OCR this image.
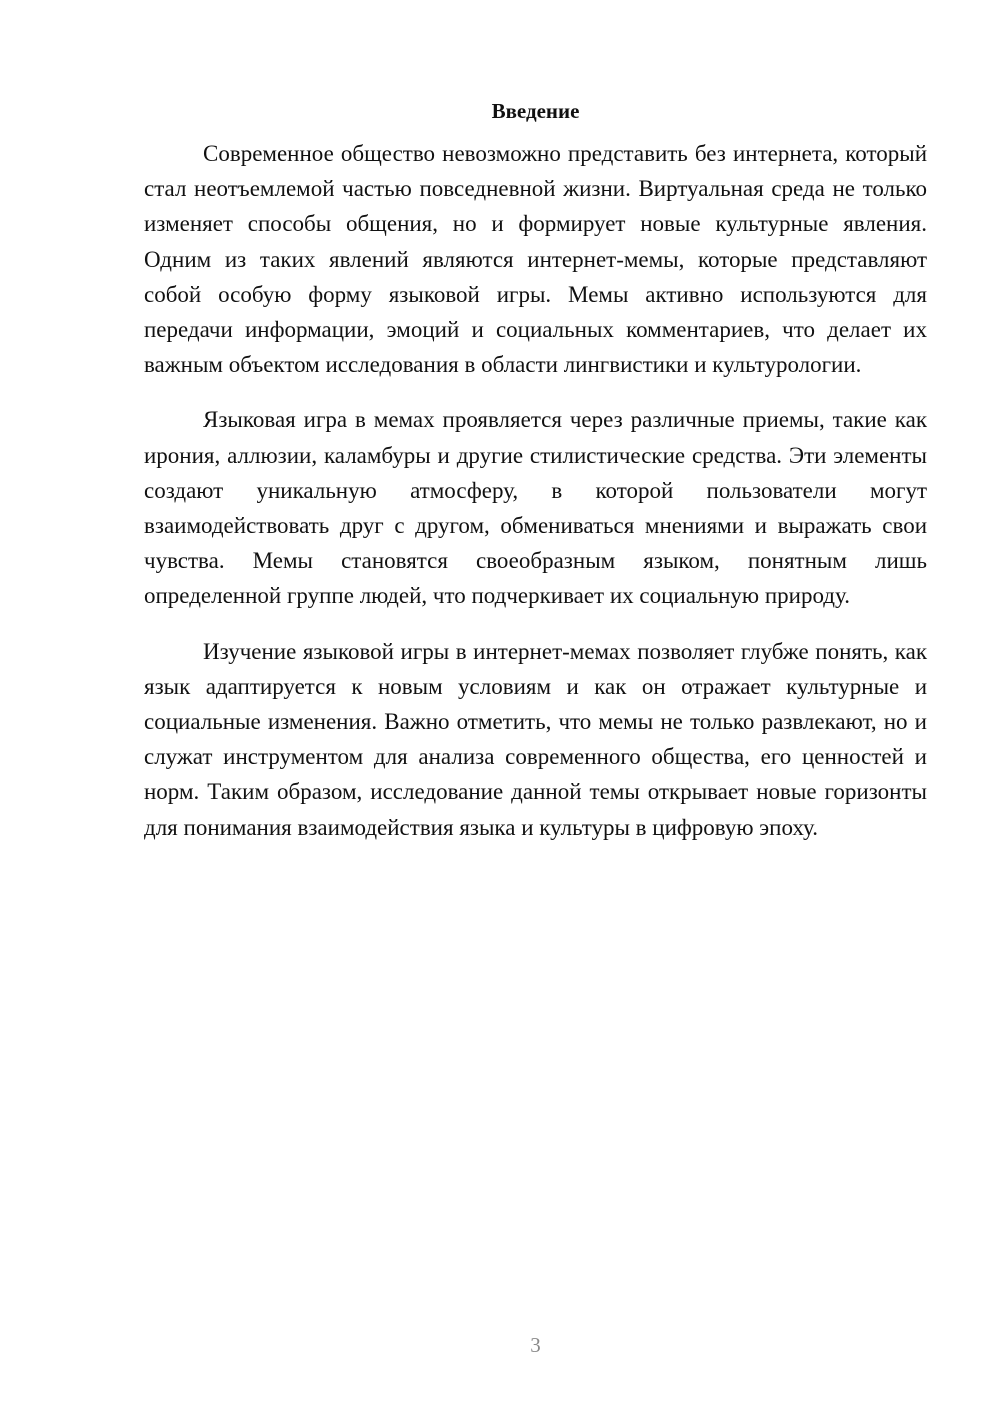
Введение

Современное общество невозможно представить без интернета, который стал неотъемлемой частью повседневной жизни. Виртуальная среда не только изменяет способы общения, но и формирует новые культурные явления. Одним из таких явлений являются интернет-мемы, которые представляют собой особую форму языковой игры. Мемы активно используются для передачи информации, эмоций и социальных комментариев, что делает их важным объектом исследования в области лингвистики и культурологии.

Языковая игра в мемах проявляется через различные приемы, такие как ирония, аллюзии, каламбуры и другие стилистические средства. Эти элементы создают уникальную атмосферу, в которой пользователи могут взаимодействовать друг с другом, обмениваться мнениями и выражать свои чувства. Мемы становятся своеобразным языком, понятным лишь определенной группе людей, что подчеркивает их социальную природу.

Изучение языковой игры в интернет-мемах позволяет глубже понять, как язык адаптируется к новым условиям и как он отражает культурные и социальные изменения. Важно отметить, что мемы не только развлекают, но и служат инструментом для анализа современного общества, его ценностей и норм. Таким образом, исследование данной темы открывает новые горизонты для понимания взаимодействия языка и культуры в цифровую эпоху.

3
